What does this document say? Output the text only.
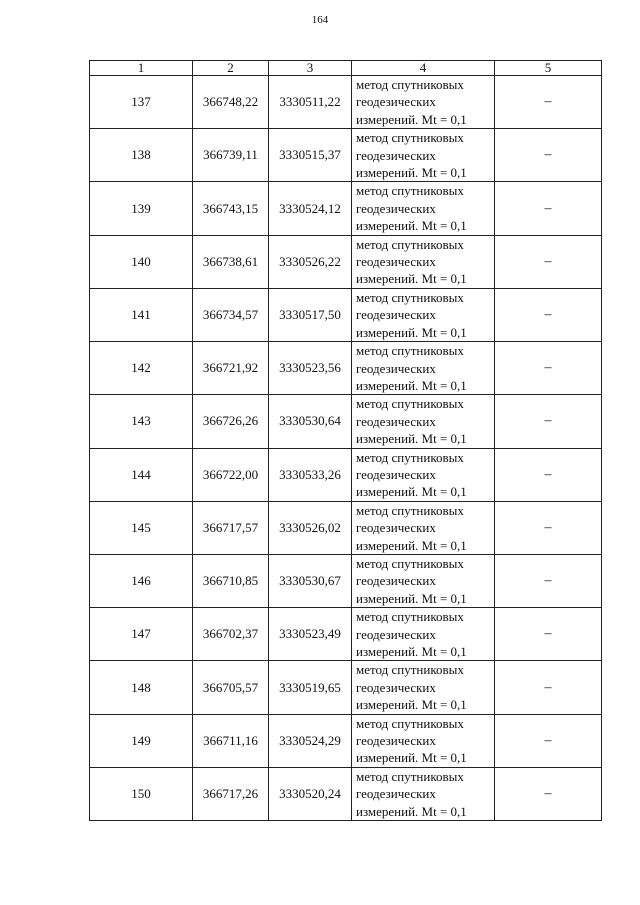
164
1	2	3	4	5
137	366748,22	3330511,22	метод спутниковых
геодезических
измерений. Mt = 0,1	–
138	366739,11	3330515,37	метод спутниковых
геодезических
измерений. Mt = 0,1	–
139	366743,15	3330524,12	метод спутниковых
геодезических
измерений. Mt = 0,1	–
140	366738,61	3330526,22	метод спутниковых
геодезических
измерений. Mt = 0,1	–
141	366734,57	3330517,50	метод спутниковых
геодезических
измерений. Mt = 0,1	–
142	366721,92	3330523,56	метод спутниковых
геодезических
измерений. Mt = 0,1	–
143	366726,26	3330530,64	метод спутниковых
геодезических
измерений. Mt = 0,1	–
144	366722,00	3330533,26	метод спутниковых
геодезических
измерений. Mt = 0,1	–
145	366717,57	3330526,02	метод спутниковых
геодезических
измерений. Mt = 0,1	–
146	366710,85	3330530,67	метод спутниковых
геодезических
измерений. Mt = 0,1	–
147	366702,37	3330523,49	метод спутниковых
геодезических
измерений. Mt = 0,1	–
148	366705,57	3330519,65	метод спутниковых
геодезических
измерений. Mt = 0,1	–
149	366711,16	3330524,29	метод спутниковых
геодезических
измерений. Mt = 0,1	–
150	366717,26	3330520,24	метод спутниковых
геодезических
измерений. Mt = 0,1	–
